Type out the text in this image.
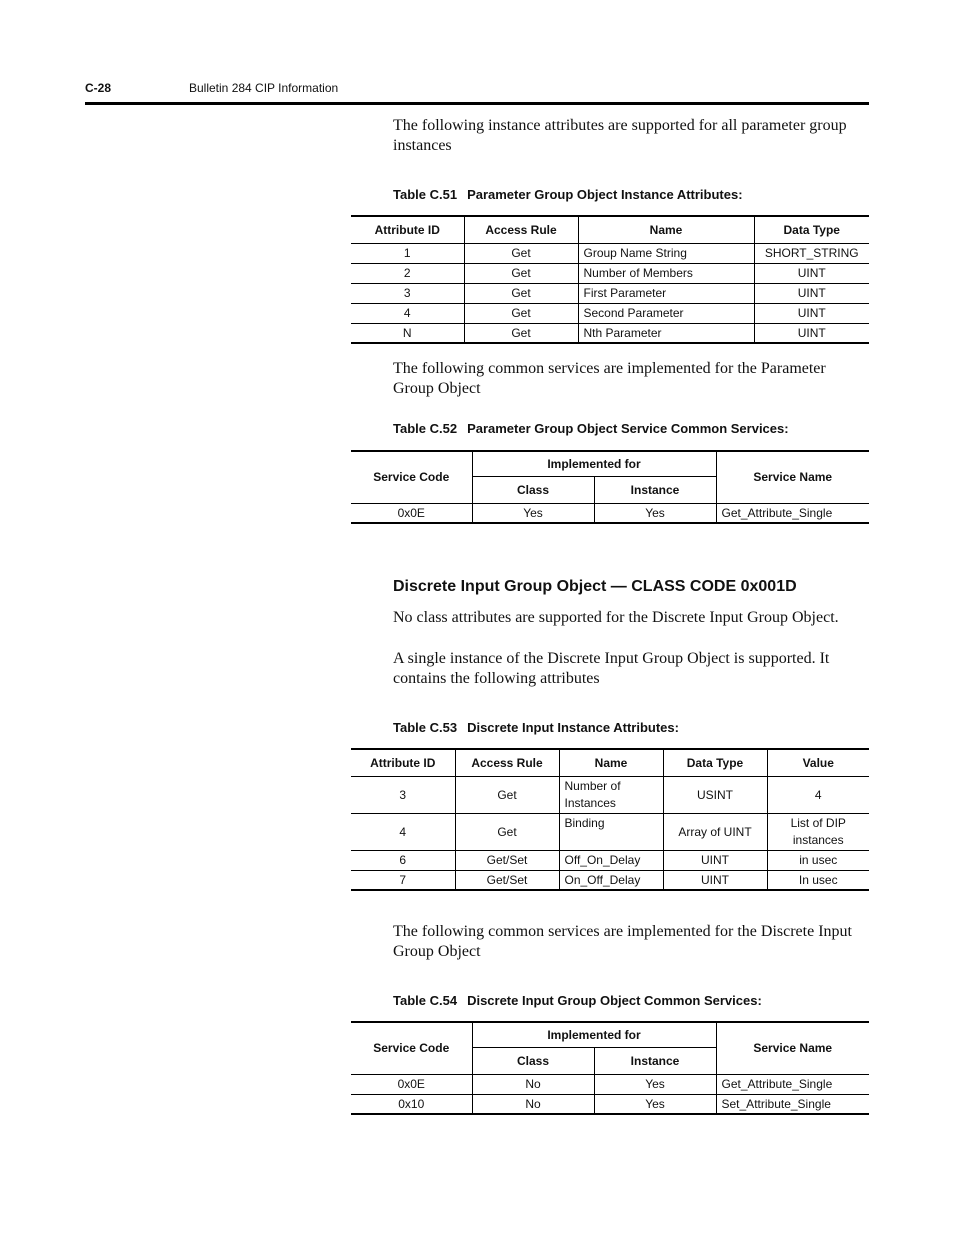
C-28	Bulletin 284 CIP Information
The following instance attributes are supported for all parameter group instances
Table C.51 Parameter Group Object Instance Attributes:
Attribute ID	Access Rule	Name	Data Type
1	Get	Group Name String	SHORT_STRING
2	Get	Number of Members	UINT
3	Get	First Parameter	UINT
4	Get	Second Parameter	UINT
N	Get	Nth Parameter	UINT
The following common services are implemented for the Parameter Group Object
Table C.52 Parameter Group Object Service Common Services:
Service Code	Implemented for		Service Name
	Class	Instance	
0x0E	Yes	Yes	Get_Attribute_Single
Discrete Input Group Object — CLASS CODE 0x001D
No class attributes are supported for the Discrete Input Group Object.
A single instance of the Discrete Input Group Object is supported. It contains the following attributes
Table C.53 Discrete Input Instance Attributes:
Attribute ID	Access Rule	Name	Data Type	Value
3	Get	Number of Instances	USINT	4
4	Get	Binding	Array of UINT	List of DIP instances
6	Get/Set	Off_On_Delay	UINT	in usec
7	Get/Set	On_Off_Delay	UINT	In usec
The following common services are implemented for the Discrete Input Group Object
Table C.54 Discrete Input Group Object Common Services:
Service Code	Implemented for		Service Name
	Class	Instance	
0x0E	No	Yes	Get_Attribute_Single
0x10	No	Yes	Set_Attribute_Single
